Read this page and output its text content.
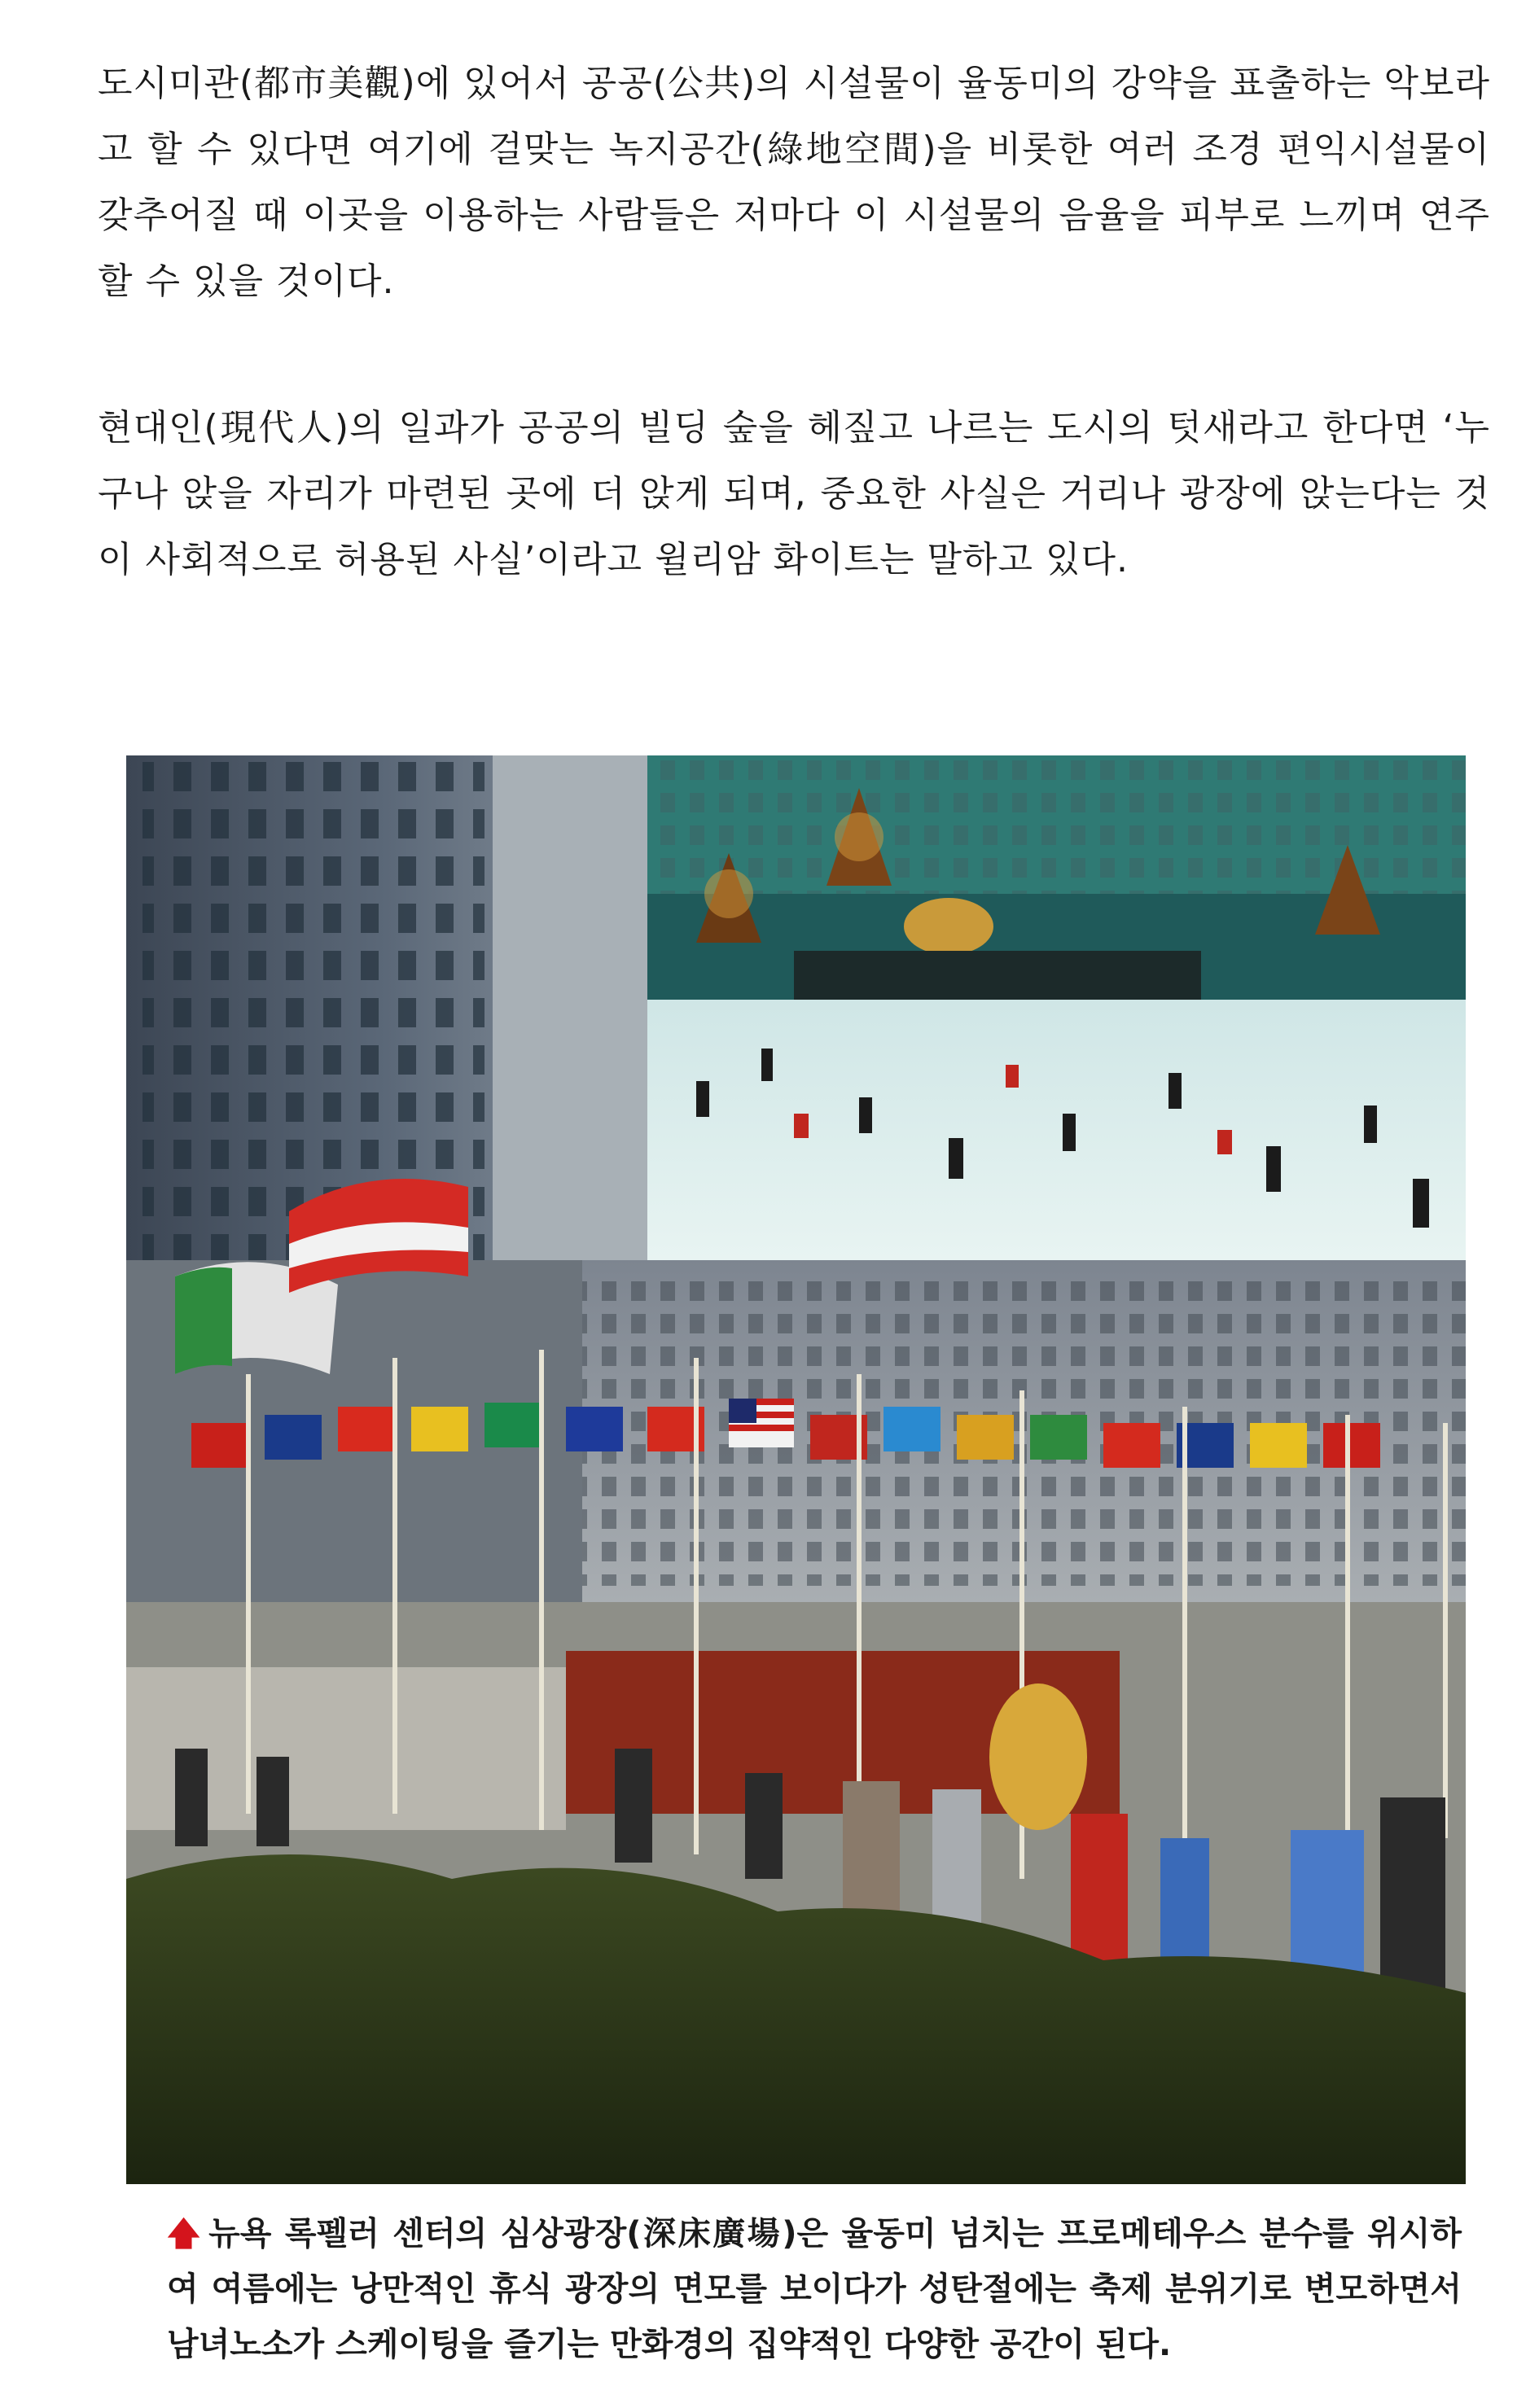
도시미관(都市美觀)에 있어서 공공(公共)의 시설물이 율동미의 강약을 표출하는 악보라고 할 수 있다면 여기에 걸맞는 녹지공간(綠地空間)을 비롯한 여러 조경 편익시설물이 갖추어질 때 이곳을 이용하는 사람들은 저마다 이 시설물의 음율을 피부로 느끼며 연주할 수 있을 것이다.

현대인(現代人)의 일과가 공공의 빌딩 숲을 헤짚고 나르는 도시의 텃새라고 한다면 ‘누구나 앉을 자리가 마련된 곳에 더 앉게 되며, 중요한 사실은 거리나 광장에 앉는다는 것이 사회적으로 허용된 사실’이라고 윌리암 화이트는 말하고 있다.

🡅 뉴욕 록펠러 센터의 심상광장(深床廣場)은 율동미 넘치는 프로메테우스 분수를 위시하여 여름에는 낭만적인 휴식 광장의 면모를 보이다가 성탄절에는 축제 분위기로 변모하면서 남녀노소가 스케이팅을 즐기는 만화경의 집약적인 다양한 공간이 된다.
